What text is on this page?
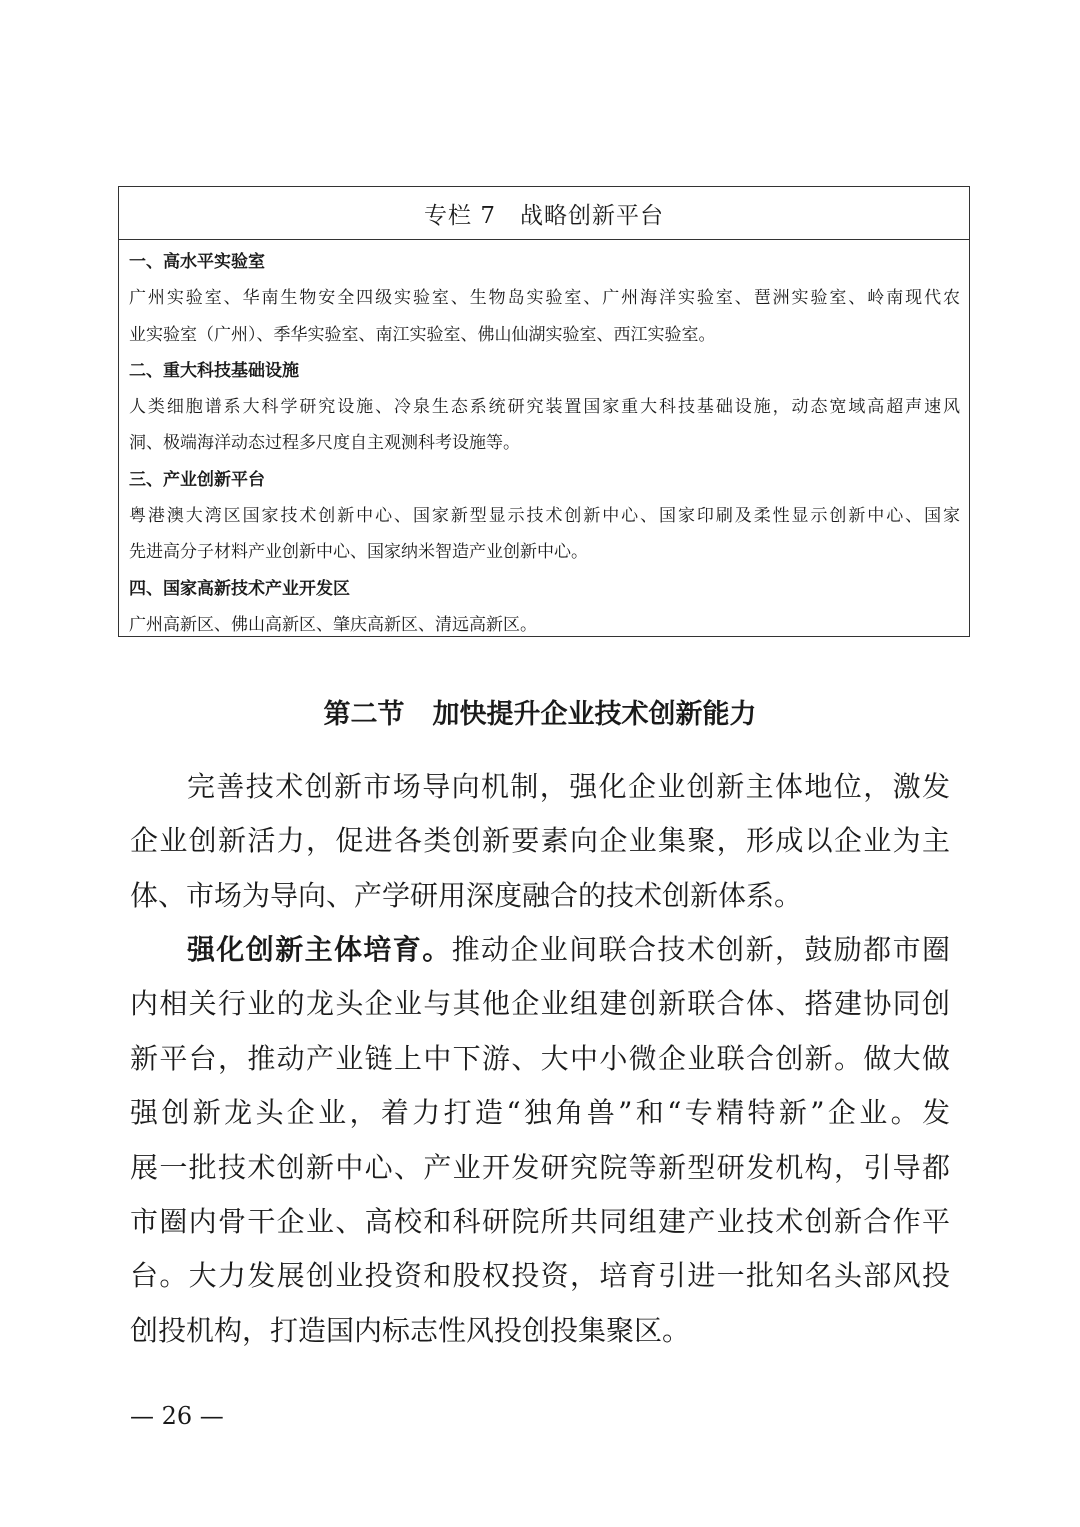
专栏 7 战略创新平台
一、高水平实验室
广州实验室、华南生物安全四级实验室、生物岛实验室、广州海洋实验室、琶洲实验室、岭南现代农
业实验室（广州）、季华实验室、南江实验室、佛山仙湖实验室、西江实验室。
二、重大科技基础设施
人类细胞谱系大科学研究设施、冷泉生态系统研究装置国家重大科技基础设施，动态宽域高超声速风
洞、极端海洋动态过程多尺度自主观测科考设施等。
三、产业创新平台
粤港澳大湾区国家技术创新中心、国家新型显示技术创新中心、国家印刷及柔性显示创新中心、国家
先进高分子材料产业创新中心、国家纳米智造产业创新中心。
四、国家高新技术产业开发区
广州高新区、佛山高新区、肇庆高新区、清远高新区。
第二节 加快提升企业技术创新能力
完善技术创新市场导向机制，强化企业创新主体地位，激发
企业创新活力，促进各类创新要素向企业集聚，形成以企业为主
体、市场为导向、产学研用深度融合的技术创新体系。
强化创新主体培育。推动企业间联合技术创新，鼓励都市圈
内相关行业的龙头企业与其他企业组建创新联合体、搭建协同创
新平台，推动产业链上中下游、大中小微企业联合创新。做大做
强创新龙头企业，着力打造“独角兽”和“专精特新”企业。发
展一批技术创新中心、产业开发研究院等新型研发机构，引导都
市圈内骨干企业、高校和科研院所共同组建产业技术创新合作平
台。大力发展创业投资和股权投资，培育引进一批知名头部风投
创投机构，打造国内标志性风投创投集聚区。
— 26 —
